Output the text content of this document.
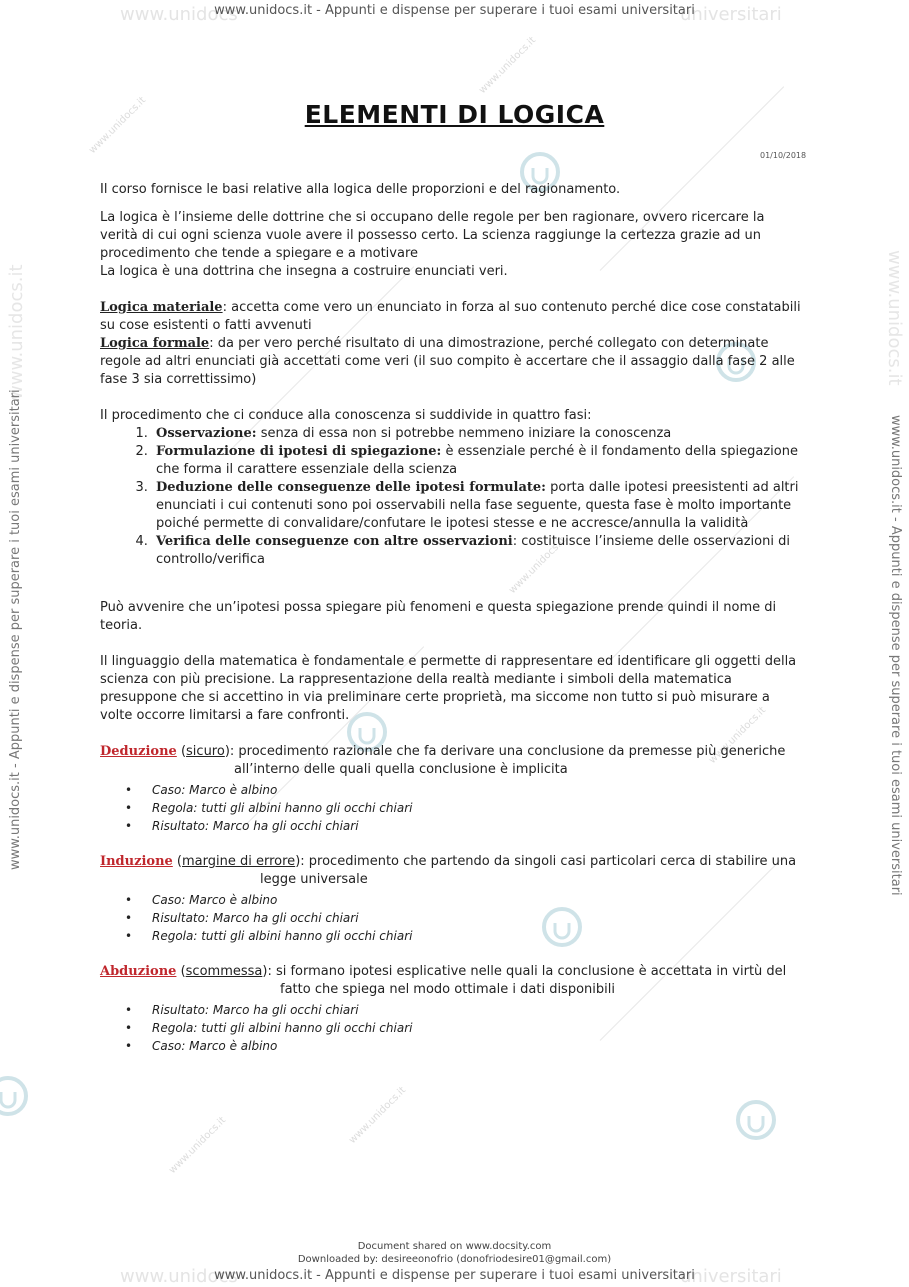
www.unidocs	universitari
www.unidocs.it - Appunti e dispense per superare i tuoi esami universitari
www.unidocs.it
www.unidocs.it - Appunti e dispense per superare i tuoi esami universitari
www.unidocs.it
www.unidocs.it - Appunti e dispense per superare i tuoi esami universitari
www.unidocs.it
www.unidocs.it
www.unidocs.it
www.unidocs.it
www.unidocs.it
www.unidocs.it
ELEMENTI DI LOGICA
01/10/2018

Il corso fornisce le basi relative alla logica delle proporzioni e del ragionamento.

La logica è l’insieme delle dottrine che si occupano delle regole per ben ragionare, ovvero ricercare la verità di cui ogni scienza vuole avere il possesso certo. La scienza raggiunge la certezza grazie ad un procedimento che tende a spiegare e a motivare

La logica è una dottrina che insegna a costruire enunciati veri.

Logica materiale: accetta come vero un enunciato in forza al suo contenuto perché dice cose constatabili su cose esistenti o fatti avvenuti

Logica formale: da per vero perché risultato di una dimostrazione, perché collegato con determinate regole ad altri enunciati già accettati come veri (il suo compito è accertare che il assaggio dalla fase 2 alle fase 3 sia correttissimo)

Il procedimento che ci conduce alla conoscenza si suddivide in quattro fasi:

1. Osservazione: senza di essa non si potrebbe nemmeno iniziare la conoscenza
2. Formulazione di ipotesi di spiegazione: è essenziale perché è il fondamento della spiegazione che forma il carattere essenziale della scienza
3. Deduzione delle conseguenze delle ipotesi formulate: porta dalle ipotesi preesistenti ad altri enunciati i cui contenuti sono poi osservabili nella fase seguente, questa fase è molto importante poiché permette di convalidare/confutare le ipotesi stesse e ne accresce/annulla la validità
4. Verifica delle conseguenze con altre osservazioni: costituisce l’insieme delle osservazioni di controllo/verifica

Può avvenire che un’ipotesi possa spiegare più fenomeni e questa spiegazione prende quindi il nome di teoria.

Il linguaggio della matematica è fondamentale e permette di rappresentare ed identificare gli oggetti della scienza con più precisione. La rappresentazione della realtà mediante i simboli della matematica presuppone che si accettino in via preliminare certe proprietà, ma siccome non tutto si può misurare a volte occorre limitarsi a fare confronti.

Deduzione (sicuro): procedimento razionale che fa derivare una conclusione da premesse più generiche

all’interno delle quali quella conclusione è implicita

• Caso: Marco è albino
• Regola: tutti gli albini hanno gli occhi chiari
• Risultato: Marco ha gli occhi chiari

Induzione (margine di errore): procedimento che partendo da singoli casi particolari cerca di stabilire una

legge universale

• Caso: Marco è albino
• Risultato: Marco ha gli occhi chiari
• Regola: tutti gli albini hanno gli occhi chiari

Abduzione (scommessa): si formano ipotesi esplicative nelle quali la conclusione è accettata in virtù del

fatto che spiega nel modo ottimale i dati disponibili

• Risultato: Marco ha gli occhi chiari
• Regola: tutti gli albini hanno gli occhi chiari
• Caso: Marco è albino
Document shared on www.docsity.com
Downloaded by: desireeonofrio (donofriodesire01@gmail.com)
www.unidocs	universitari
www.unidocs.it - Appunti e dispense per superare i tuoi esami universitari
